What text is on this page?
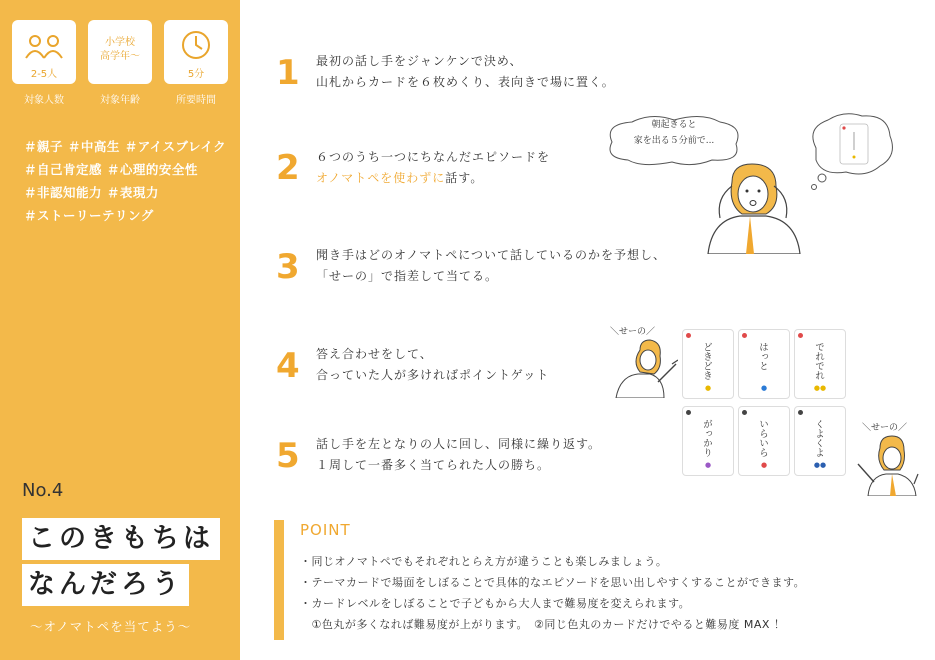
2-5人
対象人数
小学校
高学年〜
対象年齢
5分
所要時間
＃親子 ＃中高生 ＃アイスブレイク
＃自己肯定感 ＃心理的安全性
＃非認知能力 ＃表現力
＃ストーリーテリング
No.4
このきもちは
なんだろう
〜オノマトペを当てよう〜
1 最初の話し手をジャンケンで決め、
山札からカードを６枚めくり、表向きで場に置く。
2 ６つのうち一つにちなんだエピソードを
オノマトペを使わずに話す。
3 聞き手はどのオノマトペについて話しているのかを予想し、
「せーの」で指差して当てる。
4 答え合わせをして、
合っていた人が多ければポイントゲット
5 話し手を左となりの人に回し、同様に繰り返す。
１周して一番多く当てられた人の勝ち。
朝起きると
家を出る５分前で...
＼せーの／
どきどき
●
はっと
●
でれでれ
●●
がっかり
●
いらいら
●
くよくよ
●●
＼せーの／
POINT
・同じオノマトペでもそれぞれとらえ方が違うことも楽しみましょう。
・テーマカードで場面をしぼることで具体的なエピソードを思い出しやすくすることができます。
・カードレベルをしぼることで子どもから大人まで難易度を変えられます。
　①色丸が多くなれば難易度が上がります。　②同じ色丸のカードだけでやると難易度 MAX ！
